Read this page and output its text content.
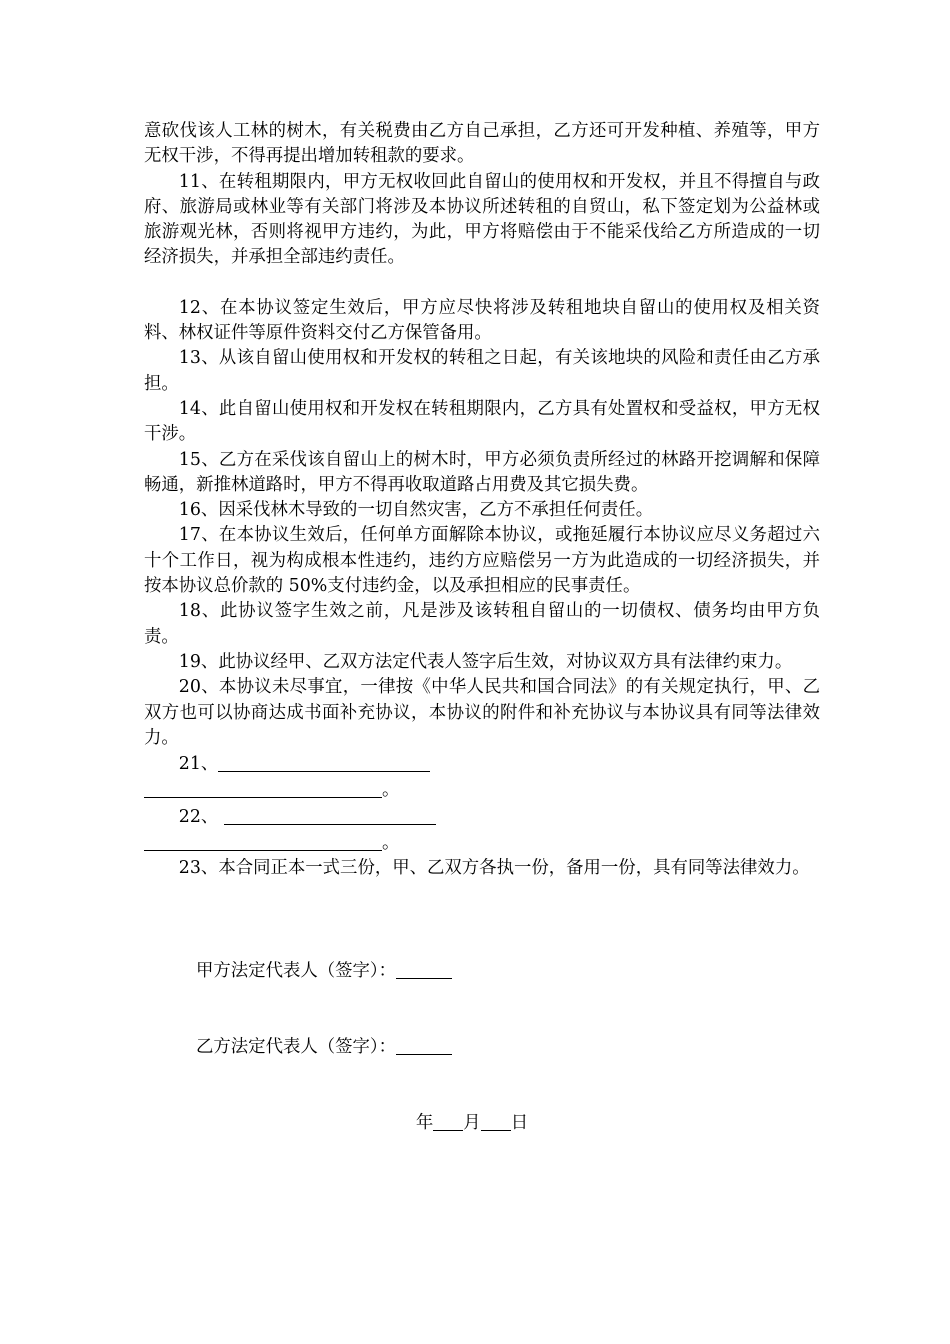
意砍伐该人工林的树木，有关税费由乙方自己承担，乙方还可开发种植、养殖等，甲方无权干涉，不得再提出增加转租款的要求。

11、在转租期限内，甲方无权收回此自留山的使用权和开发权，并且不得擅自与政府、旅游局或林业等有关部门将涉及本协议所述转租的自贸山，私下签定划为公益林或旅游观光林，否则将视甲方违约，为此，甲方将赔偿由于不能采伐给乙方所造成的一切经济损失，并承担全部违约责任。

12、在本协议签定生效后，甲方应尽快将涉及转租地块自留山的使用权及相关资料、林权证件等原件资料交付乙方保管备用。

13、从该自留山使用权和开发权的转租之日起，有关该地块的风险和责任由乙方承担。

14、此自留山使用权和开发权在转租期限内，乙方具有处置权和受益权，甲方无权干涉。

15、乙方在采伐该自留山上的树木时，甲方必须负责所经过的林路开挖调解和保障畅通，新推林道路时，甲方不得再收取道路占用费及其它损失费。

16、因采伐林木导致的一切自然灾害，乙方不承担任何责任。

17、在本协议生效后，任何单方面解除本协议，或拖延履行本协议应尽义务超过六十个工作日，视为构成根本性违约，违约方应赔偿另一方为此造成的一切经济损失，并按本协议总价款的 50%支付违约金，以及承担相应的民事责任。

18、此协议签字生效之前，凡是涉及该转租自留山的一切债权、债务均由甲方负责。

19、此协议经甲、乙双方法定代表人签字后生效，对协议双方具有法律约束力。

20、本协议未尽事宜，一律按《中华人民共和国合同法》的有关规定执行，甲、乙双方也可以协商达成书面补充协议，本协议的附件和补充协议与本协议具有同等法律效力。

21、

。

22、

。

23、本合同正本一式三份，甲、乙双方各执一份，备用一份，具有同等法律效力。

甲方法定代表人（签字）：

乙方法定代表人（签字）：

年 月 日
